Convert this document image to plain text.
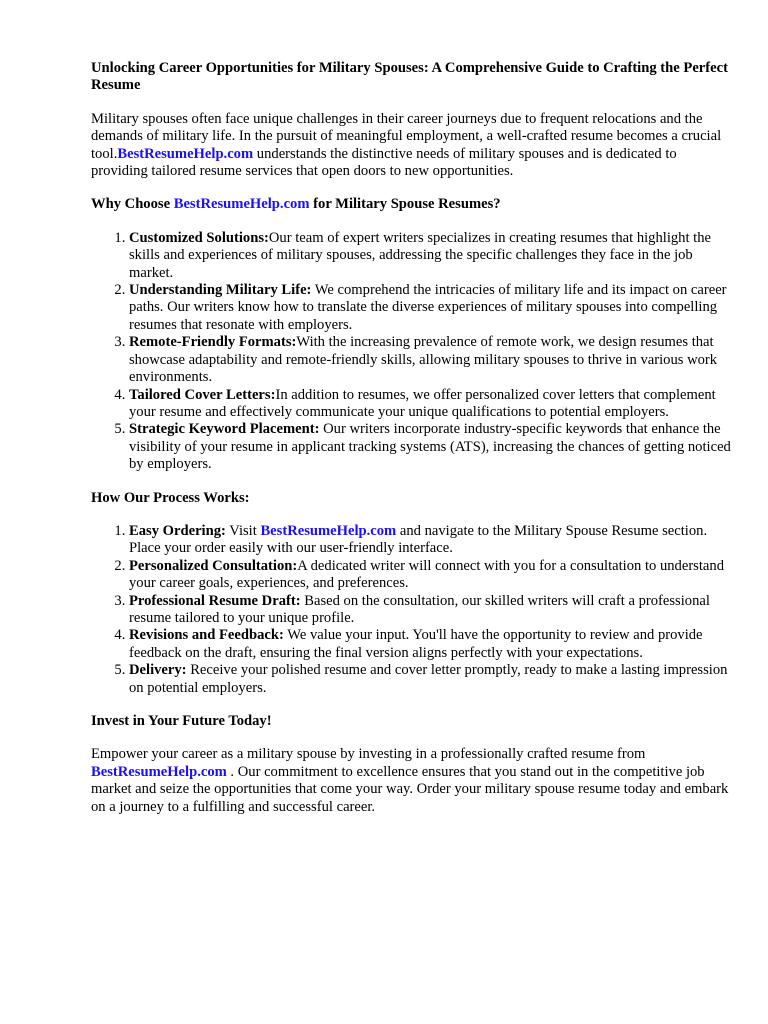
Unlocking Career Opportunities for Military Spouses: A Comprehensive Guide to Crafting the Perfect Resume

Military spouses often face unique challenges in their career journeys due to frequent relocations and the demands of military life. In the pursuit of meaningful employment, a well-crafted resume becomes a crucial tool.BestResumeHelp.com understands the distinctive needs of military spouses and is dedicated to providing tailored resume services that open doors to new opportunities.

Why Choose BestResumeHelp.com for Military Spouse Resumes?
1. Customized Solutions:Our team of expert writers specializes in creating resumes that highlight the skills and experiences of military spouses, addressing the specific challenges they face in the job market.
2. Understanding Military Life: We comprehend the intricacies of military life and its impact on career paths. Our writers know how to translate the diverse experiences of military spouses into compelling resumes that resonate with employers.
3. Remote-Friendly Formats:With the increasing prevalence of remote work, we design resumes that showcase adaptability and remote-friendly skills, allowing military spouses to thrive in various work environments.
4. Tailored Cover Letters:In addition to resumes, we offer personalized cover letters that complement your resume and effectively communicate your unique qualifications to potential employers.
5. Strategic Keyword Placement: Our writers incorporate industry-specific keywords that enhance the visibility of your resume in applicant tracking systems (ATS), increasing the chances of getting noticed by employers.
How Our Process Works:
1. Easy Ordering: Visit BestResumeHelp.com and navigate to the Military Spouse Resume section. Place your order easily with our user-friendly interface.
2. Personalized Consultation:A dedicated writer will connect with you for a consultation to understand your career goals, experiences, and preferences.
3. Professional Resume Draft: Based on the consultation, our skilled writers will craft a professional resume tailored to your unique profile.
4. Revisions and Feedback: We value your input. You'll have the opportunity to review and provide feedback on the draft, ensuring the final version aligns perfectly with your expectations.
5. Delivery: Receive your polished resume and cover letter promptly, ready to make a lasting impression on potential employers.
Invest in Your Future Today!

Empower your career as a military spouse by investing in a professionally crafted resume from
BestResumeHelp.com . Our commitment to excellence ensures that you stand out in the competitive job market and seize the opportunities that come your way. Order your military spouse resume today and embark on a journey to a fulfilling and successful career.
